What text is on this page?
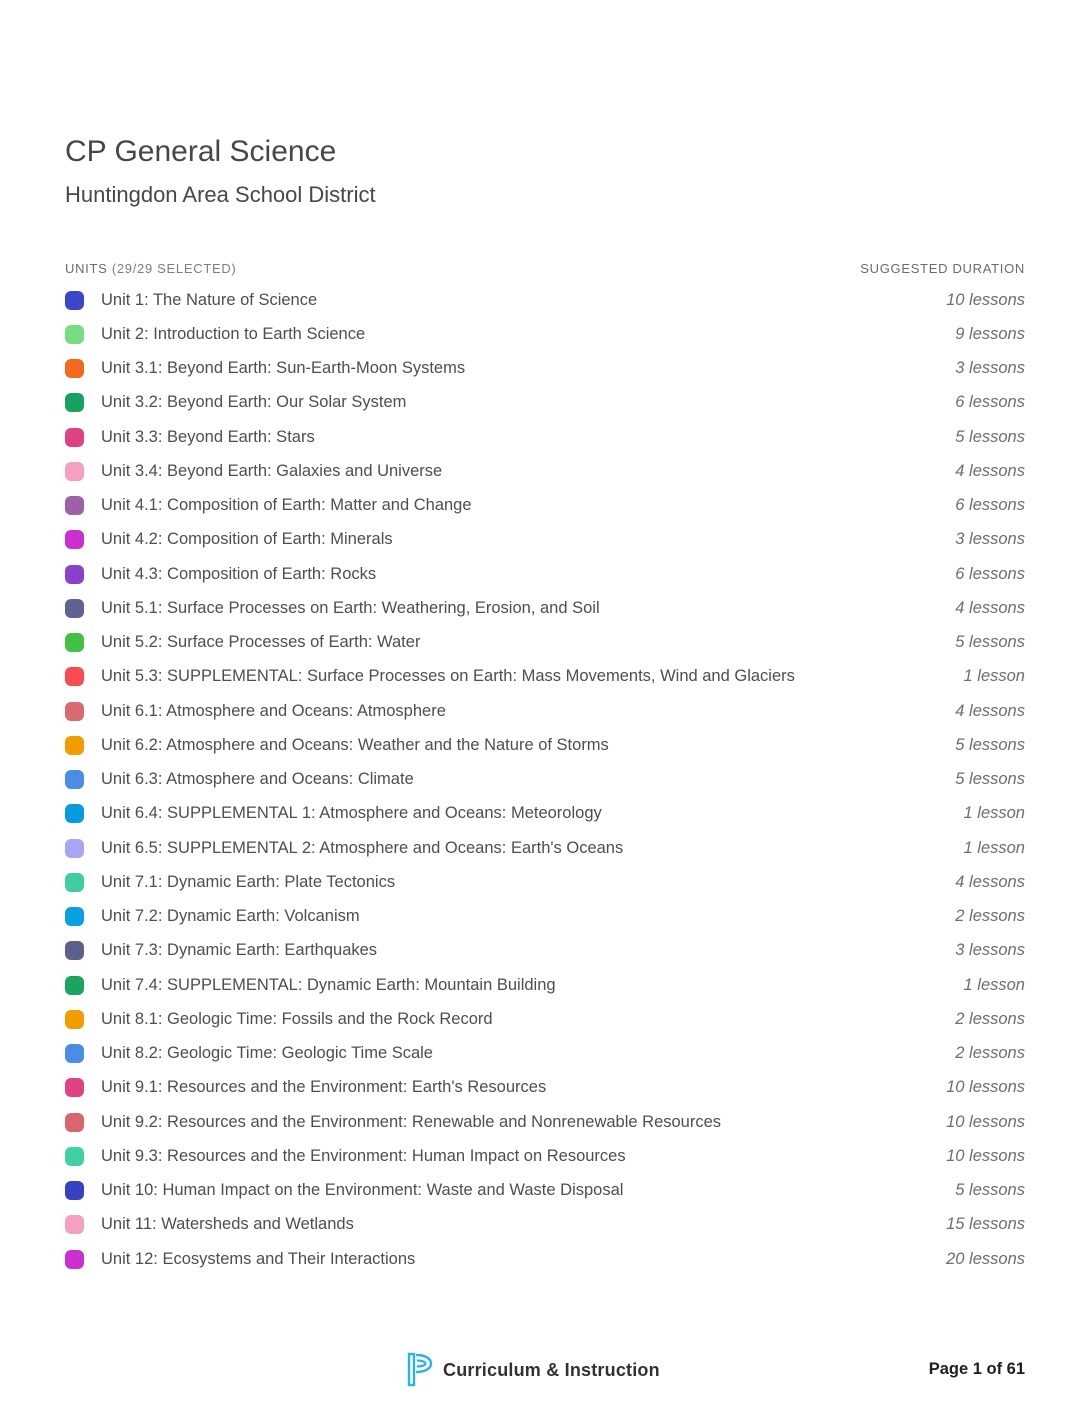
CP General Science
Huntingdon Area School District
UNITS (29/29 SELECTED)	SUGGESTED DURATION
Unit 1: The Nature of Science	10 lessons
Unit 2: Introduction to Earth Science	9 lessons
Unit 3.1: Beyond Earth: Sun-Earth-Moon Systems	3 lessons
Unit 3.2: Beyond Earth: Our Solar System	6 lessons
Unit 3.3: Beyond Earth: Stars	5 lessons
Unit 3.4: Beyond Earth: Galaxies and Universe	4 lessons
Unit 4.1: Composition of Earth: Matter and Change	6 lessons
Unit 4.2: Composition of Earth: Minerals	3 lessons
Unit 4.3: Composition of Earth: Rocks	6 lessons
Unit 5.1: Surface Processes on Earth: Weathering, Erosion, and Soil	4 lessons
Unit 5.2: Surface Processes of Earth: Water	5 lessons
Unit 5.3: SUPPLEMENTAL: Surface Processes on Earth: Mass Movements, Wind and Glaciers	1 lesson
Unit 6.1: Atmosphere and Oceans: Atmosphere	4 lessons
Unit 6.2: Atmosphere and Oceans: Weather and the Nature of Storms	5 lessons
Unit 6.3: Atmosphere and Oceans: Climate	5 lessons
Unit 6.4: SUPPLEMENTAL 1: Atmosphere and Oceans: Meteorology	1 lesson
Unit 6.5: SUPPLEMENTAL 2: Atmosphere and Oceans: Earth's Oceans	1 lesson
Unit 7.1: Dynamic Earth: Plate Tectonics	4 lessons
Unit 7.2: Dynamic Earth: Volcanism	2 lessons
Unit 7.3: Dynamic Earth: Earthquakes	3 lessons
Unit 7.4: SUPPLEMENTAL: Dynamic Earth: Mountain Building	1 lesson
Unit 8.1: Geologic Time: Fossils and the Rock Record	2 lessons
Unit 8.2: Geologic Time: Geologic Time Scale	2 lessons
Unit 9.1: Resources and the Environment: Earth's Resources	10 lessons
Unit 9.2: Resources and the Environment: Renewable and Nonrenewable Resources	10 lessons
Unit 9.3: Resources and the Environment: Human Impact on Resources	10 lessons
Unit 10: Human Impact on the Environment: Waste and Waste Disposal	5 lessons
Unit 11: Watersheds and Wetlands	15 lessons
Unit 12: Ecosystems and Their Interactions	20 lessons
Curriculum & Instruction	Page 1 of 61
